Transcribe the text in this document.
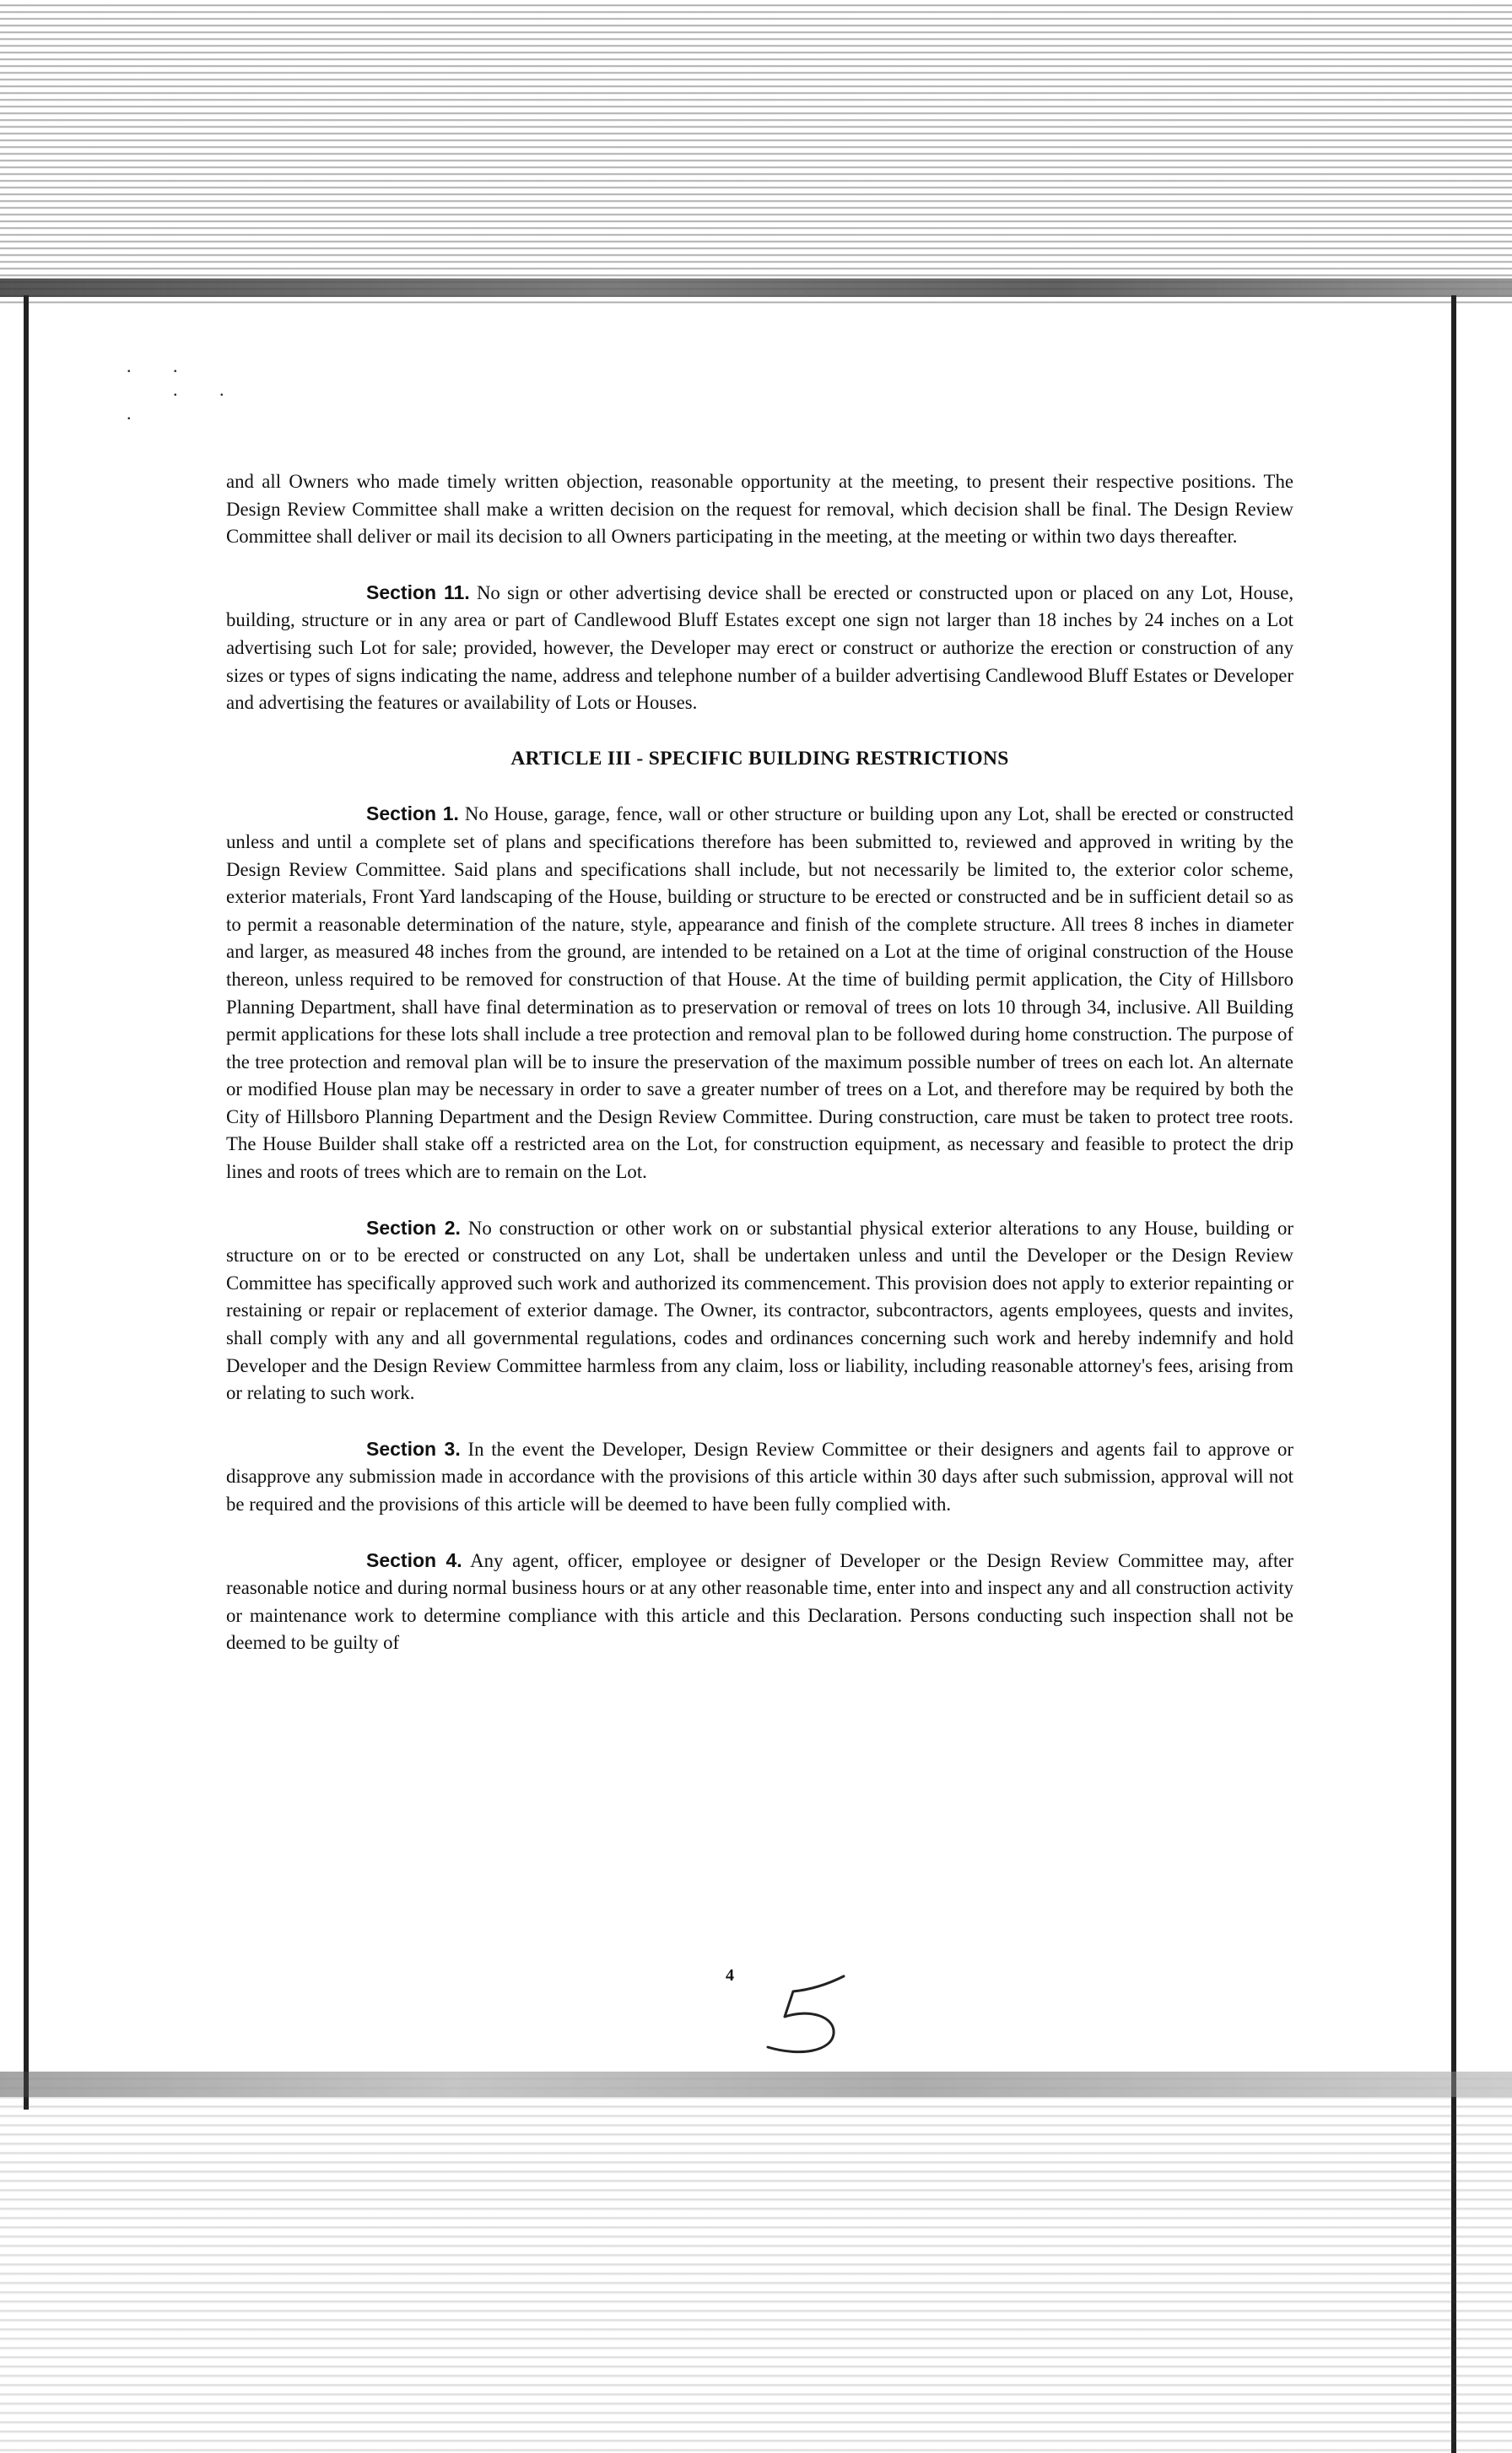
. .
. .
.

and all Owners who made timely written objection, reasonable opportunity at the meeting, to present their respective positions. The Design Review Committee shall make a written decision on the request for removal, which decision shall be final. The Design Review Committee shall deliver or mail its decision to all Owners participating in the meeting, at the meeting or within two days thereafter.

Section 11. No sign or other advertising device shall be erected or constructed upon or placed on any Lot, House, building, structure or in any area or part of Candlewood Bluff Estates except one sign not larger than 18 inches by 24 inches on a Lot advertising such Lot for sale; provided, however, the Developer may erect or construct or authorize the erection or construction of any sizes or types of signs indicating the name, address and telephone number of a builder advertising Candlewood Bluff Estates or Developer and advertising the features or availability of Lots or Houses.

ARTICLE III - SPECIFIC BUILDING RESTRICTIONS

Section 1. No House, garage, fence, wall or other structure or building upon any Lot, shall be erected or constructed unless and until a complete set of plans and specifications therefore has been submitted to, reviewed and approved in writing by the Design Review Committee. Said plans and specifications shall include, but not necessarily be limited to, the exterior color scheme, exterior materials, Front Yard landscaping of the House, building or structure to be erected or constructed and be in sufficient detail so as to permit a reasonable determination of the nature, style, appearance and finish of the complete structure. All trees 8 inches in diameter and larger, as measured 48 inches from the ground, are intended to be retained on a Lot at the time of original construction of the House thereon, unless required to be removed for construction of that House. At the time of building permit application, the City of Hillsboro Planning Department, shall have final determination as to preservation or removal of trees on lots 10 through 34, inclusive. All Building permit applications for these lots shall include a tree protection and removal plan to be followed during home construction. The purpose of the tree protection and removal plan will be to insure the preservation of the maximum possible number of trees on each lot. An alternate or modified House plan may be necessary in order to save a greater number of trees on a Lot, and therefore may be required by both the City of Hillsboro Planning Department and the Design Review Committee. During construction, care must be taken to protect tree roots. The House Builder shall stake off a restricted area on the Lot, for construction equipment, as necessary and feasible to protect the drip lines and roots of trees which are to remain on the Lot.

Section 2. No construction or other work on or substantial physical exterior alterations to any House, building or structure on or to be erected or constructed on any Lot, shall be undertaken unless and until the Developer or the Design Review Committee has specifically approved such work and authorized its commencement. This provision does not apply to exterior repainting or restaining or repair or replacement of exterior damage. The Owner, its contractor, subcontractors, agents employees, quests and invites, shall comply with any and all governmental regulations, codes and ordinances concerning such work and hereby indemnify and hold Developer and the Design Review Committee harmless from any claim, loss or liability, including reasonable attorney's fees, arising from or relating to such work.

Section 3. In the event the Developer, Design Review Committee or their designers and agents fail to approve or disapprove any submission made in accordance with the provisions of this article within 30 days after such submission, approval will not be required and the provisions of this article will be deemed to have been fully complied with.

Section 4. Any agent, officer, employee or designer of Developer or the Design Review Committee may, after reasonable notice and during normal business hours or at any other reasonable time, enter into and inspect any and all construction activity or maintenance work to determine compliance with this article and this Declaration. Persons conducting such inspection shall not be deemed to be guilty of

4
